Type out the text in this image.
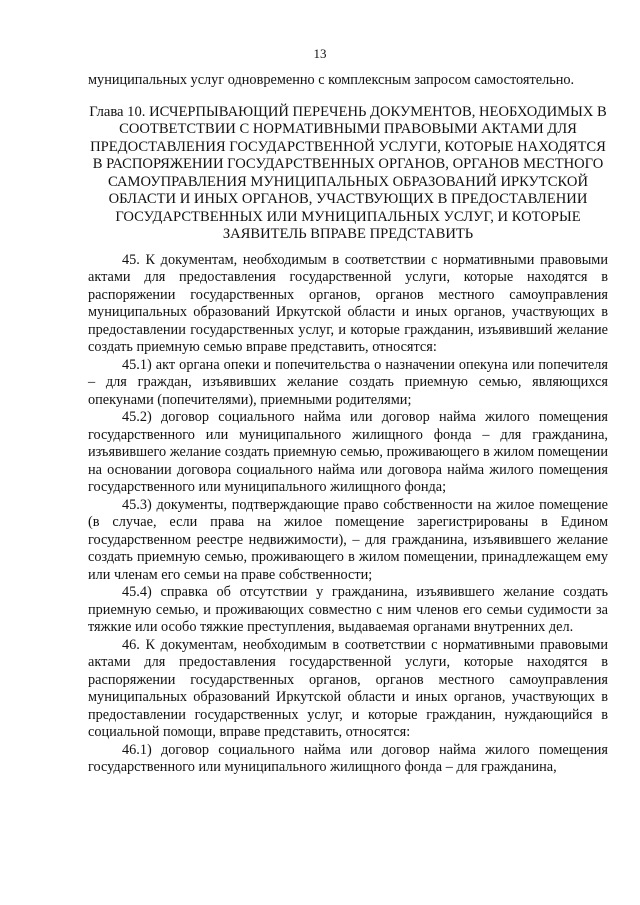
13

муниципальных услуг одновременно с комплексным запросом самостоятельно.

Глава 10. ИСЧЕРПЫВАЮЩИЙ ПЕРЕЧЕНЬ ДОКУМЕНТОВ, НЕОБХОДИМЫХ В СООТВЕТСТВИИ С НОРМАТИВНЫМИ ПРАВОВЫМИ АКТАМИ ДЛЯ ПРЕДОСТАВЛЕНИЯ ГОСУДАРСТВЕННОЙ УСЛУГИ, КОТОРЫЕ НАХОДЯТСЯ В РАСПОРЯЖЕНИИ ГОСУДАРСТВЕННЫХ ОРГАНОВ, ОРГАНОВ МЕСТНОГО САМОУПРАВЛЕНИЯ МУНИЦИПАЛЬНЫХ ОБРАЗОВАНИЙ ИРКУТСКОЙ ОБЛАСТИ И ИНЫХ ОРГАНОВ, УЧАСТВУЮЩИХ В ПРЕДОСТАВЛЕНИИ ГОСУДАРСТВЕННЫХ ИЛИ МУНИЦИПАЛЬНЫХ УСЛУГ, И КОТОРЫЕ ЗАЯВИТЕЛЬ ВПРАВЕ ПРЕДСТАВИТЬ

45. К документам, необходимым в соответствии с нормативными правовыми актами для предоставления государственной услуги, которые находятся в распоряжении государственных органов, органов местного самоуправления муниципальных образований Иркутской области и иных органов, участвующих в предоставлении государственных услуг, и которые гражданин, изъявивший желание создать приемную семью вправе представить, относятся:

45.1) акт органа опеки и попечительства о назначении опекуна или попечителя – для граждан, изъявивших желание создать приемную семью, являющихся опекунами (попечителями), приемными родителями;

45.2) договор социального найма или договор найма жилого помещения государственного или муниципального жилищного фонда – для гражданина, изъявившего желание создать приемную семью, проживающего в жилом помещении на основании договора социального найма или договора найма жилого помещения государственного или муниципального жилищного фонда;

45.3) документы, подтверждающие право собственности на жилое помещение (в случае, если права на жилое помещение зарегистрированы в Едином государственном реестре недвижимости), – для гражданина, изъявившего желание создать приемную семью, проживающего в жилом помещении, принадлежащем ему или членам его семьи на праве собственности;

45.4) справка об отсутствии у гражданина, изъявившего желание создать приемную семью, и проживающих совместно с ним членов его семьи судимости за тяжкие или особо тяжкие преступления, выдаваемая органами внутренних дел.

46. К документам, необходимым в соответствии с нормативными правовыми актами для предоставления государственной услуги, которые находятся в распоряжении государственных органов, органов местного самоуправления муниципальных образований Иркутской области и иных органов, участвующих в предоставлении государственных услуг, и которые гражданин, нуждающийся в социальной помощи, вправе представить, относятся:

46.1) договор социального найма или договор найма жилого помещения государственного или муниципального жилищного фонда – для гражданина,
